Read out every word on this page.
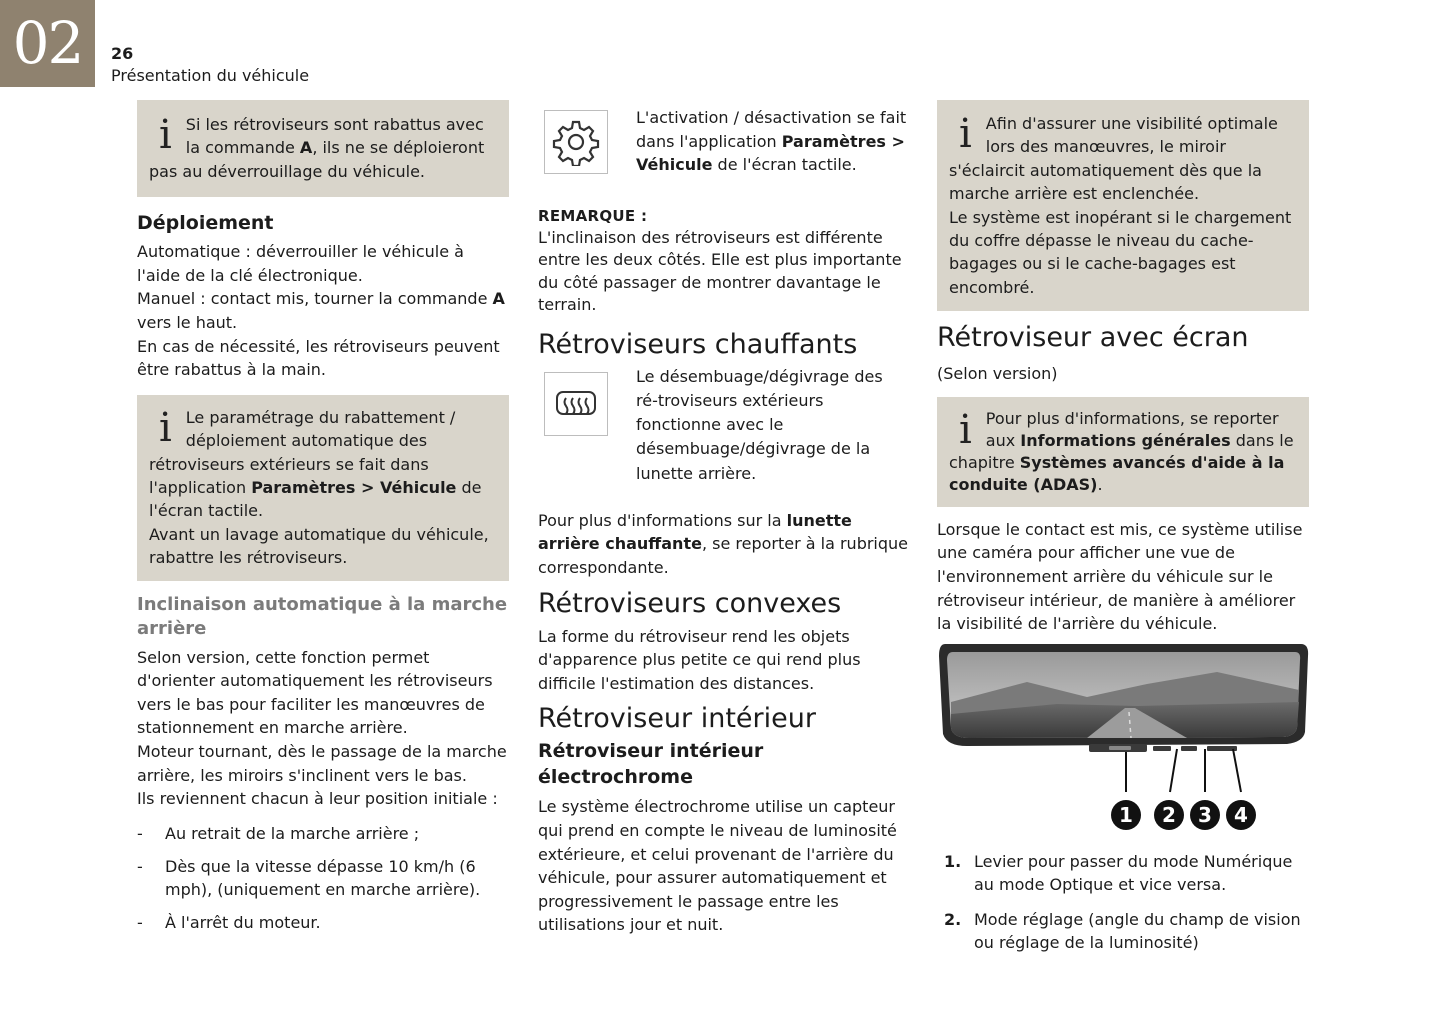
02	26
Présentation du véhicule
i Si les rétroviseurs sont rabattus avec la commande A, ils ne se déploieront pas au déverrouillage du véhicule.

Déploiement

Automatique : déverrouiller le véhicule à l'aide de la clé électronique.

Manuel : contact mis, tourner la commande A vers le haut.

En cas de nécessité, les rétroviseurs peuvent être rabattus à la main.

i Le paramétrage du rabattement / déploiement automatique des rétroviseurs extérieurs se fait dans l'application Paramètres > Véhicule de l'écran tactile.

Avant un lavage automatique du véhicule, rabattre les rétroviseurs.

Inclinaison automatique à la marche arrière

Selon version, cette fonction permet d'orienter automatiquement les rétroviseurs vers le bas pour faciliter les manœuvres de stationnement en marche arrière.

Moteur tournant, dès le passage de la marche arrière, les miroirs s'inclinent vers le bas.

Ils reviennent chacun à leur position initiale :

- Au retrait de la marche arrière ;
- Dès que la vitesse dépasse 10 km/h (6 mph), (uniquement en marche arrière).
- À l'arrêt du moteur.

L'activation / désactivation se fait dans l'application Paramètres > Véhicule de l'écran tactile.

REMARQUE :

L'inclinaison des rétroviseurs est différente entre les deux côtés. Elle est plus importante du côté passager de montrer davantage le terrain.

Rétroviseurs chauffants

Le désembuage/dégivrage des ré-troviseurs extérieurs fonctionne avec le désembuage/dégivrage de la lunette arrière.

Pour plus d'informations sur la lunette arrière chauffante, se reporter à la rubrique correspondante.

Rétroviseurs convexes

La forme du rétroviseur rend les objets d'apparence plus petite ce qui rend plus difficile l'estimation des distances.

Rétroviseur intérieur
Rétroviseur intérieur électrochrome

Le système électrochrome utilise un capteur qui prend en compte le niveau de luminosité extérieure, et celui provenant de l'arrière du véhicule, pour assurer automatiquement et progressivement le passage entre les utilisations jour et nuit.

i Afin d'assurer une visibilité optimale lors des manœuvres, le miroir s'éclaircit automatiquement dès que la marche arrière est enclenchée.

Le système est inopérant si le chargement du coffre dépasse le niveau du cache-bagages ou si le cache-bagages est encombré.

Rétroviseur avec écran

(Selon version)

i Pour plus d'informations, se reporter aux Informations générales dans le chapitre Systèmes avancés d'aide à la conduite (ADAS).

Lorsque le contact est mis, ce système utilise une caméra pour afficher une vue de l'environnement arrière du véhicule sur le rétroviseur intérieur, de manière à améliorer la visibilité de l'arrière du véhicule.

1	2	3	4
1. Levier pour passer du mode Numérique au mode Optique et vice versa.
2. Mode réglage (angle du champ de vision ou réglage de la luminosité)
